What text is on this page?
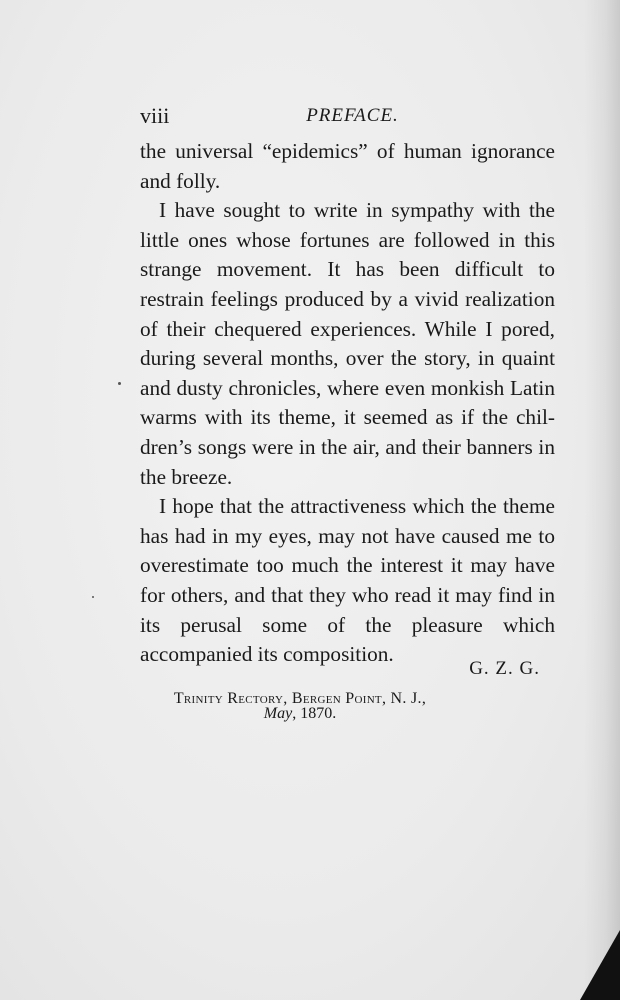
viii	PREFACE.

the universal “epidemics” of human ignorance and folly.

I have sought to write in sympathy with the little ones whose fortunes are followed in this strange movement. It has been difficult to restrain feelings produced by a vivid realization of their chequered experiences. While I pored, during several months, over the story, in quaint and dusty chronicles, where even monkish Latin warms with its theme, it seemed as if the chil- dren’s songs were in the air, and their banners in the breeze.

I hope that the attractiveness which the theme has had in my eyes, may not have caused me to overestimate too much the interest it may have for others, and that they who read it may find in its perusal some of the pleasure which accompanied its composition.

G. Z. G.
Trinity Rectory, Bergen Point, N. J.,
May, 1870.
